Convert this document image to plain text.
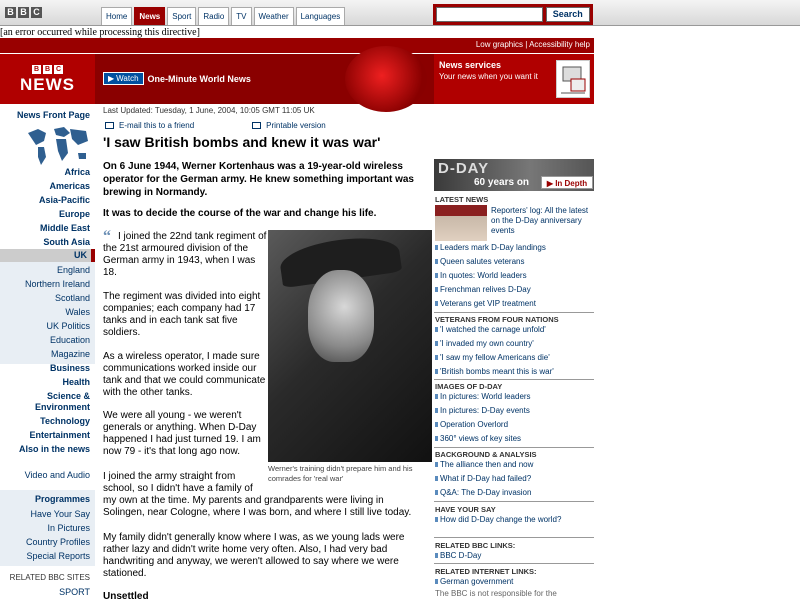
B B C	Home	News	Sport	Radio	TV	Weather	Languages	Search
[an error occurred while processing this directive]
Low graphics | Accessibility help
B B C
NEWS	▶ Watch One-Minute World News
News services
Your news when you want it
News Front Page
Africa
Americas
Asia-Pacific
Europe
Middle East
South Asia
UK
England
Northern Ireland
Scotland
Wales
UK Politics
Education
Magazine
Business
Health
Science &
Environment
Technology
Entertainment
Also in the news
Video and Audio
Programmes
Have Your Say
In Pictures
Country Profiles
Special Reports
RELATED BBC SITES
SPORT
Last Updated: Tuesday, 1 June, 2004, 10:05 GMT 11:05 UK
E-mail this to a friend	Printable version
'I saw British bombs and knew it was war'
On 6 June 1944, Werner Kortenhaus was a 19-year-old wireless operator for the German army. He knew something important was brewing in Normandy.
It was to decide the course of the war and change his life.
“ I joined the 22nd tank regiment of
the 21st armoured division of the
German army in 1943, when I was
18.
The regiment was divided into eight
companies; each company had 17
tanks and in each tank sat five
soldiers.
As a wireless operator, I made sure
communications worked inside our
tank and that we could communicate
with the other tanks.
We were all young - we weren't
generals or anything. When D-Day
happened I had just turned 19. I am
now 79 - it's that long ago now.
I joined the army straight from
school, so I didn't have a family of
my own at the time. My parents and grandparents were living in
Solingen, near Cologne, where I was born, and where I still live today.
My family didn't generally know where I was, as we young lads were
rather lazy and didn't write home very often. Also, I had very bad
handwriting and anyway, we weren't allowed to say where we were
stationed.
Unsettled
Werner's training didn't prepare him and his comrades for 'real war'
D-DAY
60 years on	▶ In Depth
LATEST NEWS
Reporters' log: All the latest on the D-Day anniversary events
Leaders mark D-Day landings
Queen salutes veterans
In quotes: World leaders
Frenchman relives D-Day
Veterans get VIP treatment
VETERANS FROM FOUR NATIONS
'I watched the carnage unfold'
'I invaded my own country'
'I saw my fellow Americans die'
'British bombs meant this is war'
IMAGES OF D-DAY
In pictures: World leaders
In pictures: D-Day events
Operation Overlord
360° views of key sites
BACKGROUND & ANALYSIS
The alliance then and now
What if D-Day had failed?
Q&A: The D-Day invasion
HAVE YOUR SAY
How did D-Day change the world?
RELATED BBC LINKS:
BBC D-Day
RELATED INTERNET LINKS:
German government
The BBC is not responsible for the
